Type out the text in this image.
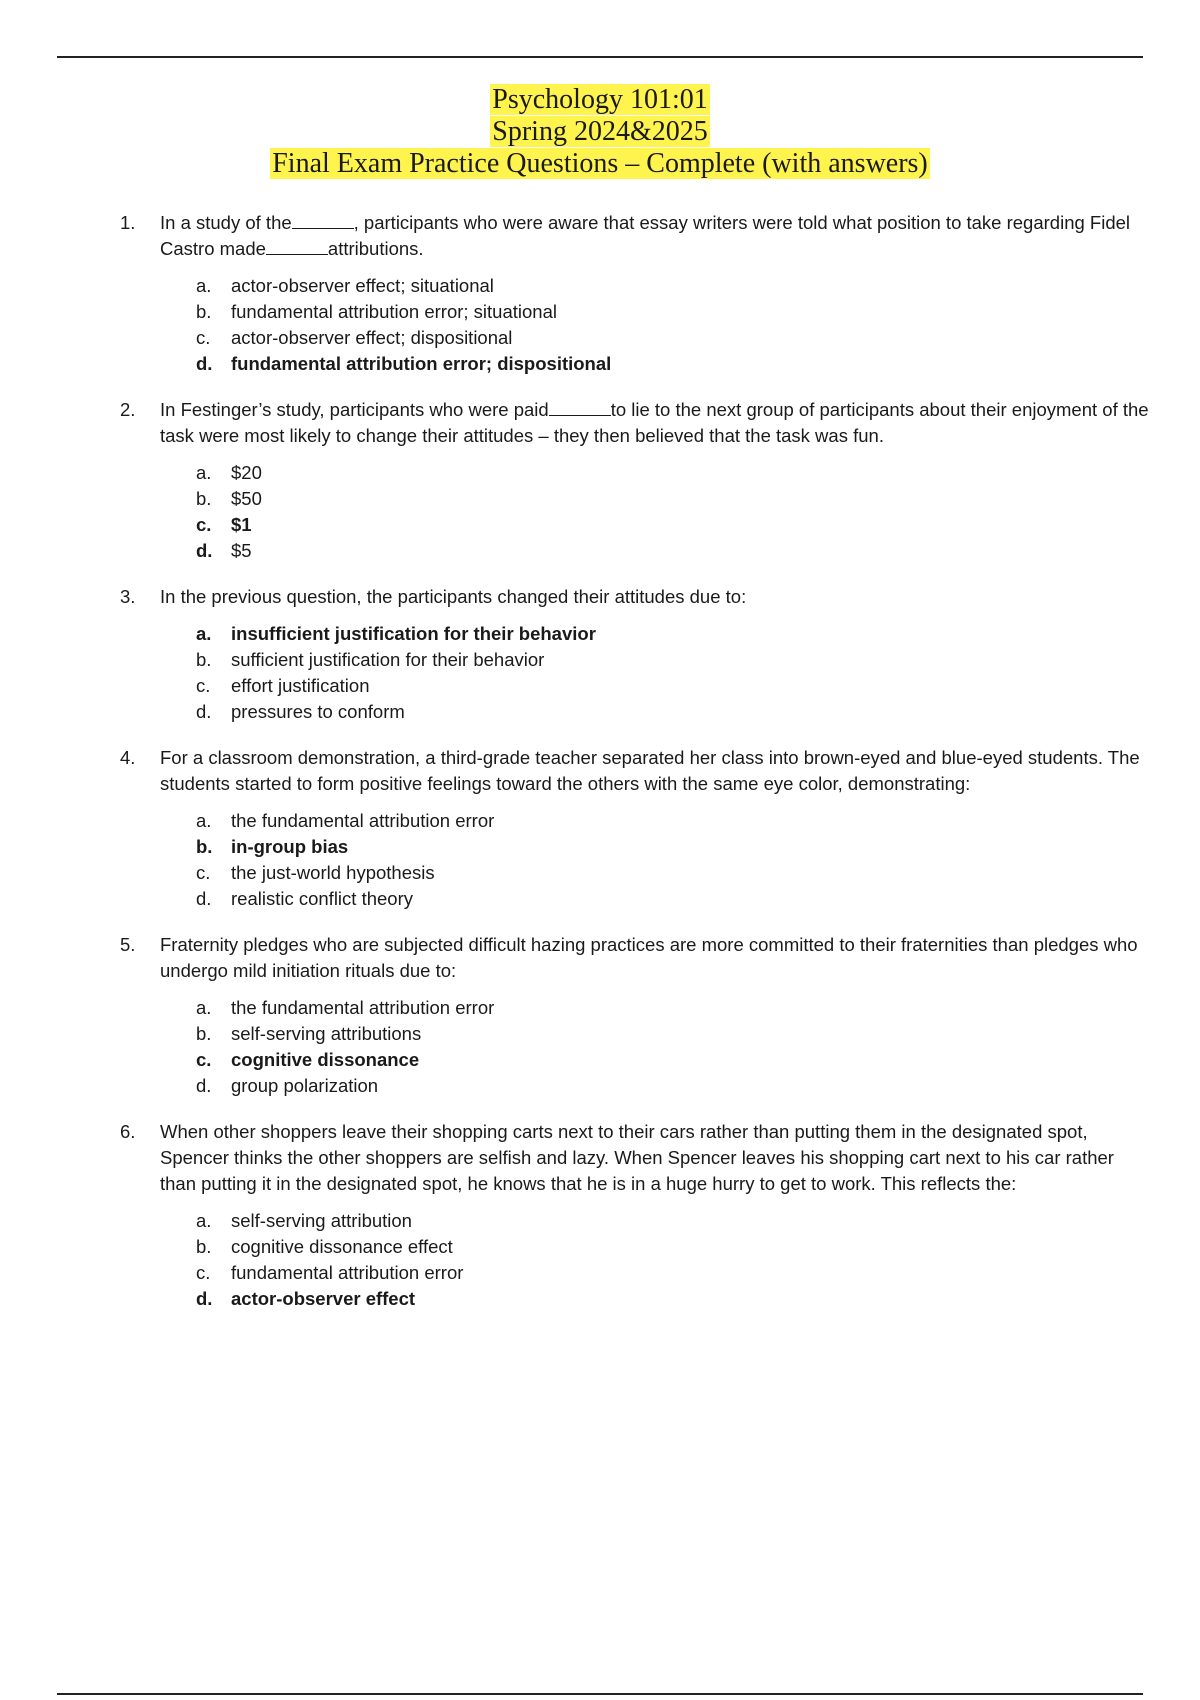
Psychology 101:01
Spring 2024&2025
Final Exam Practice Questions – Complete (with answers)
1.	In a study of the	, participants who were aware that essay writers were told what position to take regarding Fidel Castro made	attributions.

a. actor-observer effect; situational
b. fundamental attribution error; situational
c. actor-observer effect; dispositional
d. fundamental attribution error; dispositional
2.	In Festinger’s study, participants who were paid	to lie to the next group of participants about their enjoyment of the task were most likely to change their attitudes – they then believed that the task was fun.

a. $20
b. $50
c. $1
d. $5
3.	In the previous question, the participants changed their attitudes due to:

a. insufficient justification for their behavior
b. sufficient justification for their behavior
c. effort justification
d. pressures to conform
4.	For a classroom demonstration, a third-grade teacher separated her class into brown-eyed and blue-eyed students. The students started to form positive feelings toward the others with the same eye color, demonstrating:

a. the fundamental attribution error
b. in-group bias
c. the just-world hypothesis
d. realistic conflict theory
5.	Fraternity pledges who are subjected difficult hazing practices are more committed to their fraternities than pledges who undergo mild initiation rituals due to:

a. the fundamental attribution error
b. self-serving attributions
c. cognitive dissonance
d. group polarization
6.	When other shoppers leave their shopping carts next to their cars rather than putting them in the designated spot, Spencer thinks the other shoppers are selfish and lazy. When Spencer leaves his shopping cart next to his car rather than putting it in the designated spot, he knows that he is in a huge hurry to get to work. This reflects the:

a. self-serving attribution
b. cognitive dissonance effect
c. fundamental attribution error
d. actor-observer effect
